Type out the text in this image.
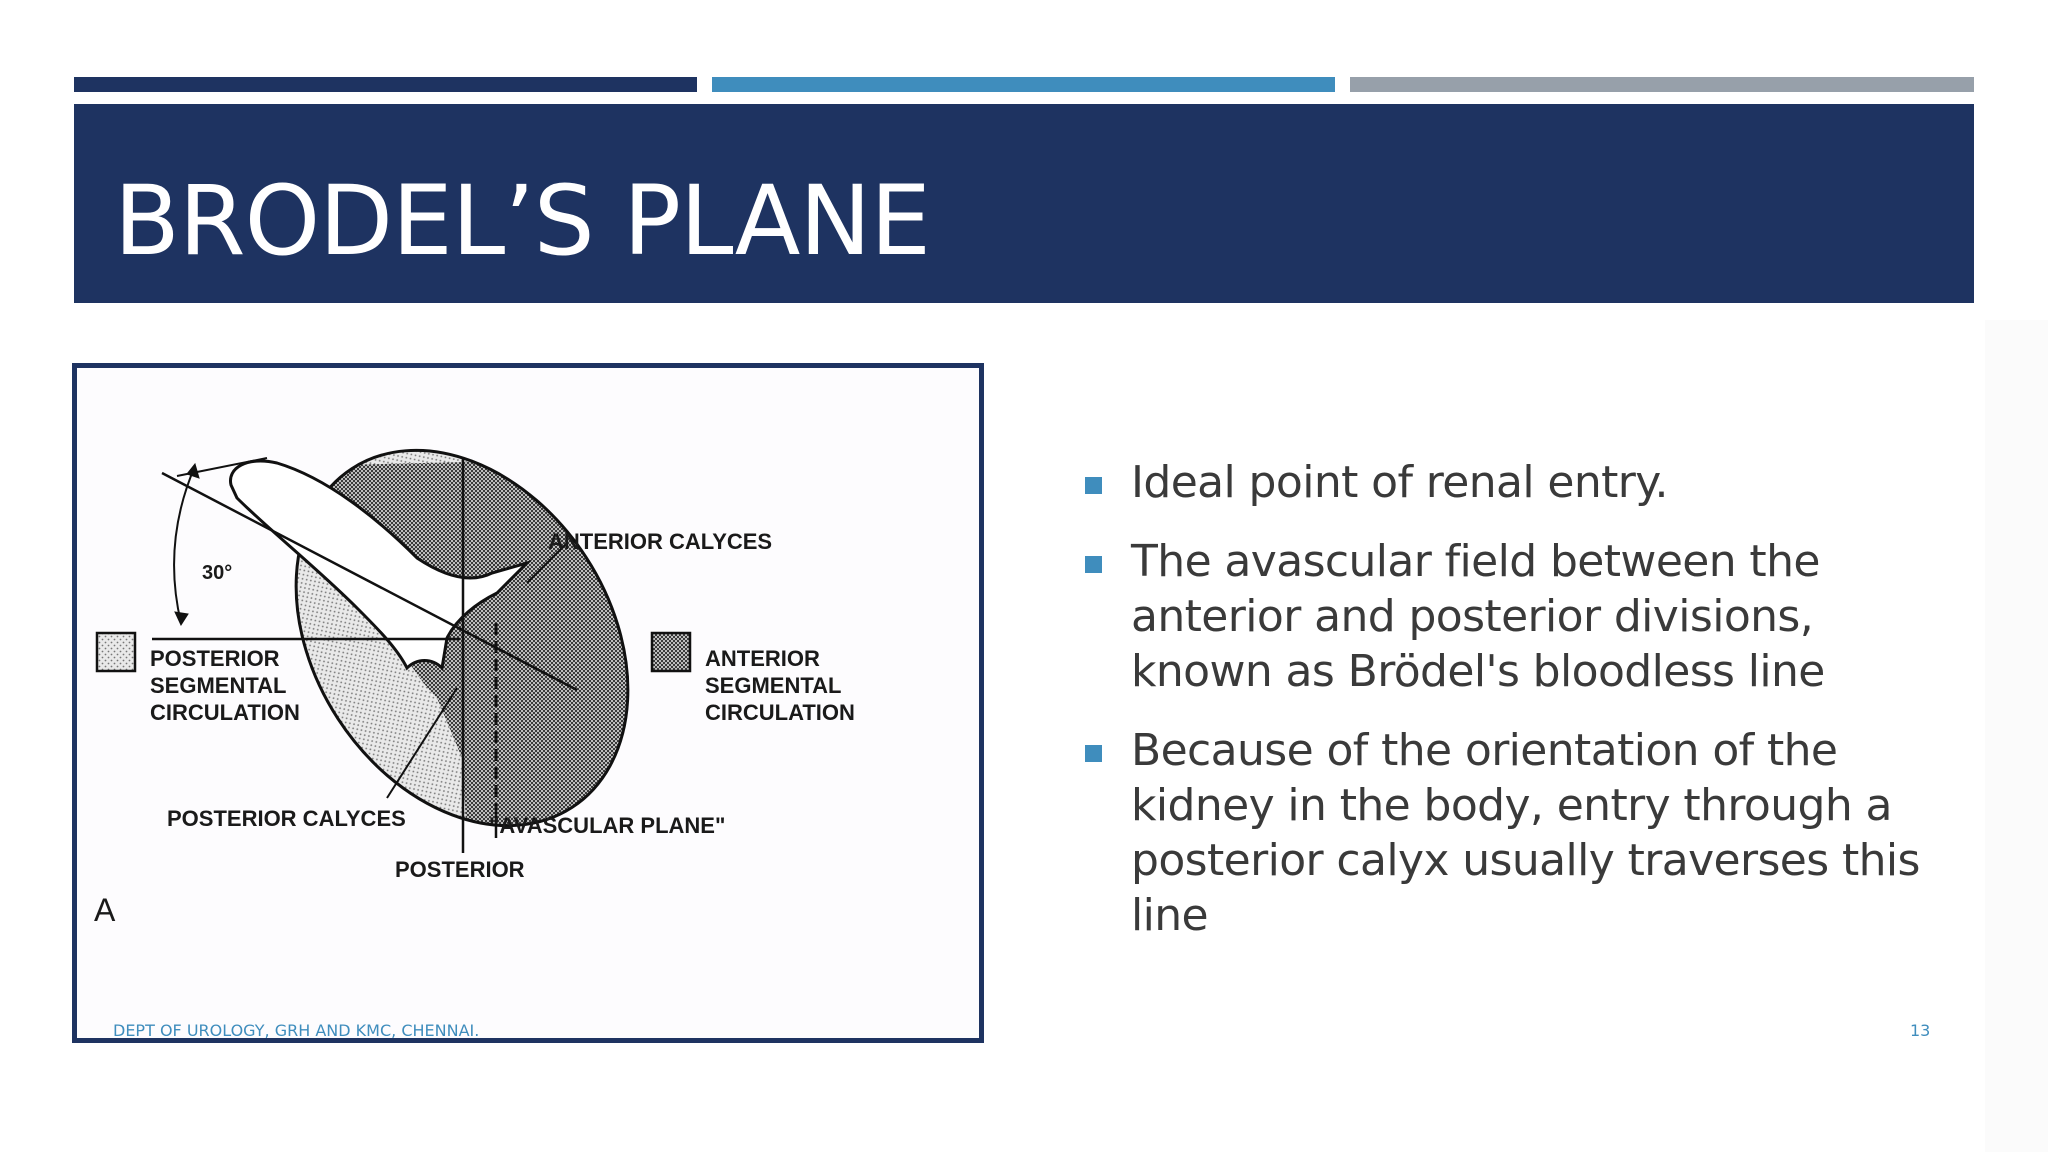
BRODEL’S PLANE
30°
ANTERIOR CALYCES
POSTERIOR
SEGMENTAL
CIRCULATION
ANTERIOR
SEGMENTAL
CIRCULATION
POSTERIOR CALYCES	"AVASCULAR PLANE"
POSTERIOR
A
Ideal point of renal entry.
The avascular field between the anterior and posterior divisions, known as Brödel's bloodless line
Because of the orientation of the kidney in the body, entry through a posterior calyx usually traverses this line
DEPT OF UROLOGY, GRH AND KMC, CHENNAI.	13
